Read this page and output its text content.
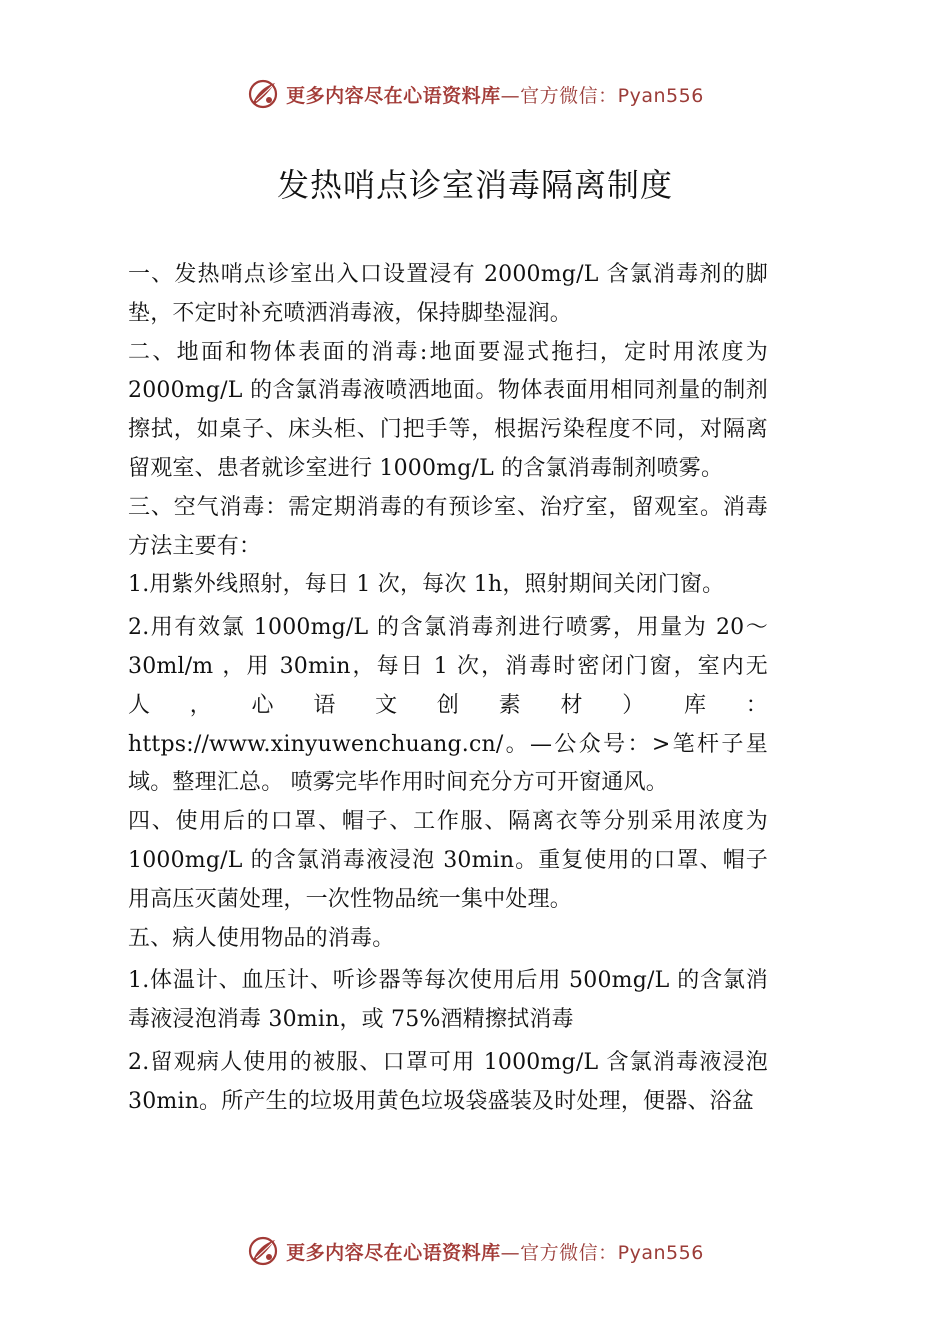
更多内容尽在心语资料库—官方微信：Pyan556
发热哨点诊室消毒隔离制度

一、发热哨点诊室出入口设置浸有 2000mg/L 含氯消毒剂的脚垫，不定时补充喷洒消毒液，保持脚垫湿润。

二、地面和物体表面的消毒:地面要湿式拖扫，定时用浓度为 2000mg/L 的含氯消毒液喷洒地面。物体表面用相同剂量的制剂擦拭，如桌子、床头柜、门把手等，根据污染程度不同，对隔离留观室、患者就诊室进行 1000mg/L 的含氯消毒制剂喷雾。

三、空气消毒：需定期消毒的有预诊室、治疗室，留观室。消毒方法主要有：

1.用紫外线照射，每日 1 次，每次 1h，照射期间关闭门窗。

2.用有效氯 1000mg/L 的含氯消毒剂进行喷雾，用量为 20～30ml/m ，用 30min，每日 1 次，消毒时密闭门窗，室内无人，心语文创素材）库：https://www.xinyuwenchuang.cn/。—公众号：>笔杆子星域。整理汇总。 喷雾完毕作用时间充分方可开窗通风。

四、使用后的口罩、帽子、工作服、隔离衣等分别采用浓度为 1000mg/L 的含氯消毒液浸泡 30min。重复使用的口罩、帽子用高压灭菌处理，一次性物品统一集中处理。

五、病人使用物品的消毒。

1.体温计、血压计、听诊器等每次使用后用 500mg/L 的含氯消毒液浸泡消毒 30min，或 75%酒精擦拭消毒

2.留观病人使用的被服、口罩可用 1000mg/L 含氯消毒液浸泡 30min。所产生的垃圾用黄色垃圾袋盛装及时处理，便器、浴盆

更多内容尽在心语资料库—官方微信：Pyan556
